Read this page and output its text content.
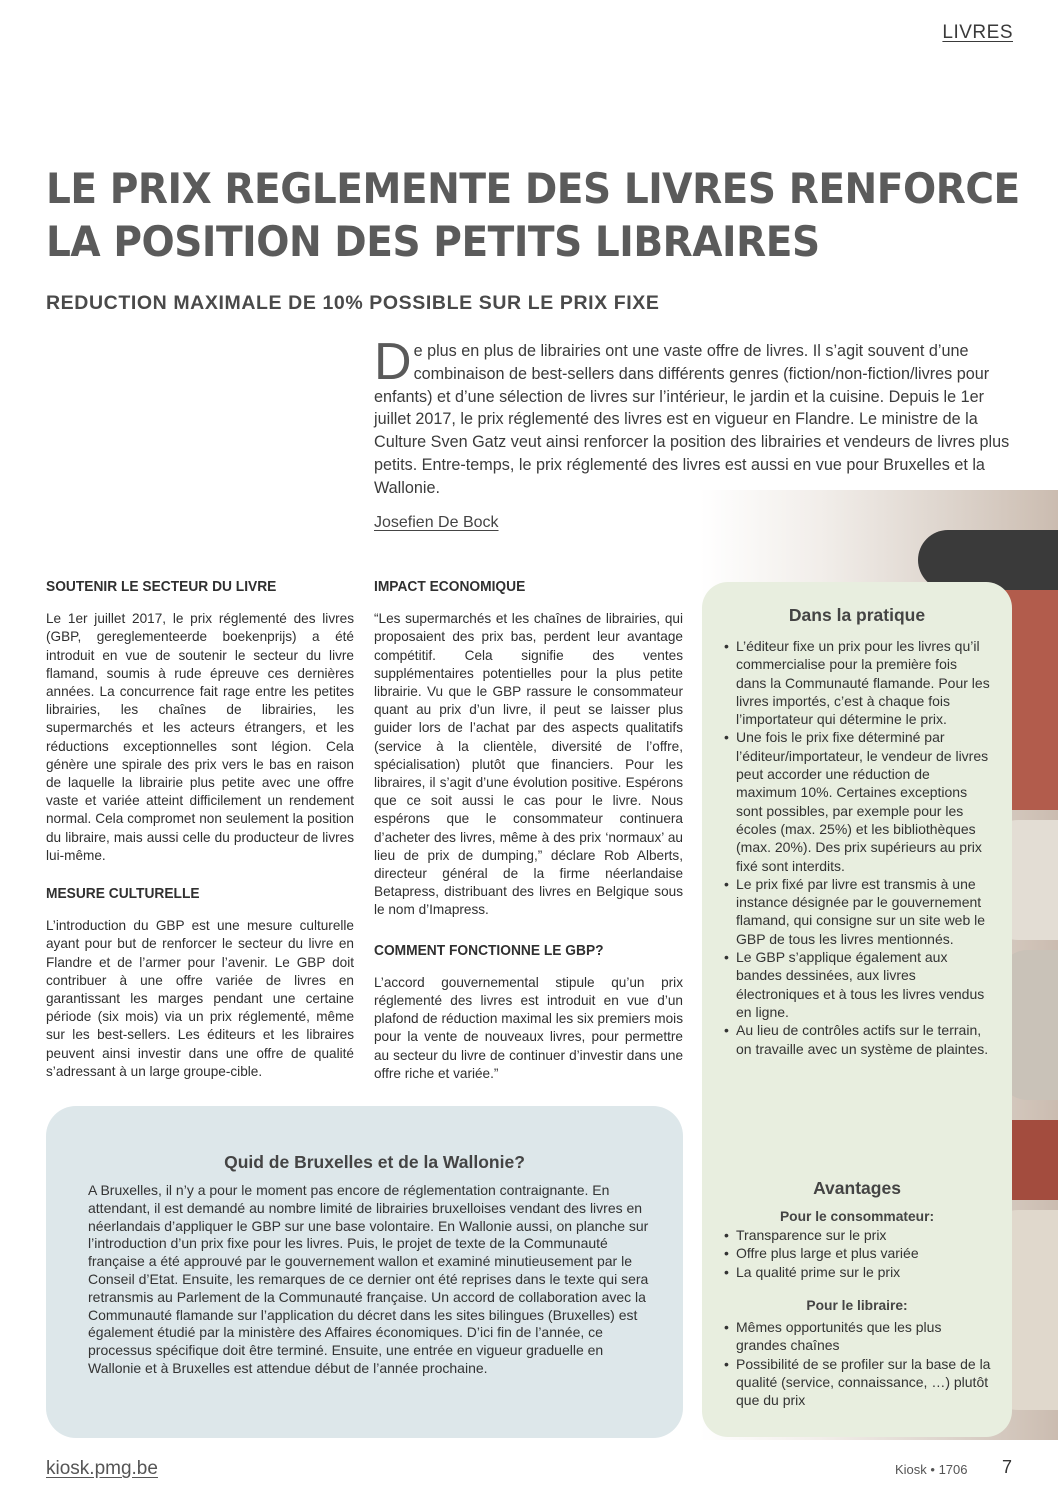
LIVRES
LE PRIX REGLEMENTE DES LIVRES RENFORCE
LA POSITION DES PETITS LIBRAIRES
REDUCTION MAXIMALE DE 10% POSSIBLE SUR LE PRIX FIXE

De plus en plus de librairies ont une vaste offre de livres. Il s’agit souvent d’une combinaison de best-sellers dans différents genres (fiction/non-fiction/livres pour enfants) et d’une sélection de livres sur l’intérieur, le jardin et la cuisine. Depuis le 1er juillet 2017, le prix réglementé des livres est en vigueur en Flandre. Le ministre de la Culture Sven Gatz veut ainsi renforcer la position des librairies et vendeurs de livres plus petits. Entre-temps, le prix réglementé des livres est aussi en vue pour Bruxelles et la Wallonie.

Josefien De Bock
SOUTENIR LE SECTEUR DU LIVRE

Le 1er juillet 2017, le prix réglementé des livres (GBP, gereglementeerde boekenprijs) a été introduit en vue de soutenir le secteur du livre flamand, soumis à rude épreuve ces dernières années. La concurrence fait rage entre les petites librairies, les chaînes de librairies, les supermarchés et les acteurs étrangers, et les réductions exceptionnelles sont légion. Cela génère une spirale des prix vers le bas en raison de laquelle la librairie plus petite avec une offre vaste et variée atteint difficilement un rendement normal. Cela compromet non seulement la position du libraire, mais aussi celle du producteur de livres lui-même.

MESURE CULTURELLE

L’introduction du GBP est une mesure culturelle ayant pour but de renforcer le secteur du livre en Flandre et de l’armer pour l’avenir. Le GBP doit contribuer à une offre variée de livres en garantissant les marges pendant une certaine période (six mois) via un prix réglementé, même sur les best-sellers. Les éditeurs et les libraires peuvent ainsi investir dans une offre de qualité s’adressant à un large groupe-cible.

IMPACT ECONOMIQUE

“Les supermarchés et les chaînes de librairies, qui proposaient des prix bas, perdent leur avantage compétitif. Cela signifie des ventes supplémentaires potentielles pour la plus petite librairie. Vu que le GBP rassure le consommateur quant au prix d’un livre, il peut se laisser plus guider lors de l’achat par des aspects qualitatifs (service à la clientèle, diversité de l’offre, spécialisation) plutôt que financiers. Pour les libraires, il s’agit d’une évolution positive. Espérons que ce soit aussi le cas pour le livre. Nous espérons que le consommateur continuera d’acheter des livres, même à des prix ‘normaux’ au lieu de prix de dumping,” déclare Rob Alberts, directeur général de la firme néerlandaise Betapress, distribuant des livres en Belgique sous le nom d’Imapress.

COMMENT FONCTIONNE LE GBP?

L’accord gouvernemental stipule qu’un prix réglementé des livres est introduit en vue d’un plafond de réduction maximal les six premiers mois pour la vente de nouveaux livres, pour permettre au secteur du livre de continuer d’investir dans une offre riche et variée.”

Dans la pratique
• L’éditeur fixe un prix pour les livres qu’il commercialise pour la première fois dans la Communauté flamande. Pour les livres importés, c’est à chaque fois l’importateur qui détermine le prix.
• Une fois le prix fixe déterminé par l’éditeur/importateur, le vendeur de livres peut accorder une réduction de maximum 10%. Certaines exceptions sont possibles, par exemple pour les écoles (max. 25%) et les bibliothèques (max. 20%). Des prix supérieurs au prix fixé sont interdits.
• Le prix fixé par livre est transmis à une instance désignée par le gouvernement flamand, qui consigne sur un site web le GBP de tous les livres mentionnés.
• Le GBP s’applique également aux bandes dessinées, aux livres électroniques et à tous les livres vendus en ligne.
• Au lieu de contrôles actifs sur le terrain, on travaille avec un système de plaintes.
Avantages
Pour le consommateur:
• Transparence sur le prix
• Offre plus large et plus variée
• La qualité prime sur le prix
Pour le libraire:
• Mêmes opportunités que les plus grandes chaînes
• Possibilité de se profiler sur la base de la qualité (service, connaissance, …) plutôt que du prix
Quid de Bruxelles et de la Wallonie?

A Bruxelles, il n’y a pour le moment pas encore de réglementation contraignante. En attendant, il est demandé au nombre limité de librairies bruxelloises vendant des livres en néerlandais d’appliquer le GBP sur une base volontaire. En Wallonie aussi, on planche sur l’introduction d’un prix fixe pour les livres. Puis, le projet de texte de la Communauté française a été approuvé par le gouvernement wallon et examiné minutieusement par le Conseil d’Etat. Ensuite, les remarques de ce dernier ont été reprises dans le texte qui sera retransmis au Parlement de la Communauté française. Un accord de collaboration avec la Communauté flamande sur l’application du décret dans les sites bilingues (Bruxelles) est également étudié par la ministère des Affaires économiques. D’ici fin de l’année, ce processus spécifique doit être terminé. Ensuite, une entrée en vigueur graduelle en Wallonie et à Bruxelles est attendue début de l’année prochaine.

kiosk.pmg.be	Kiosk • 1706 7
